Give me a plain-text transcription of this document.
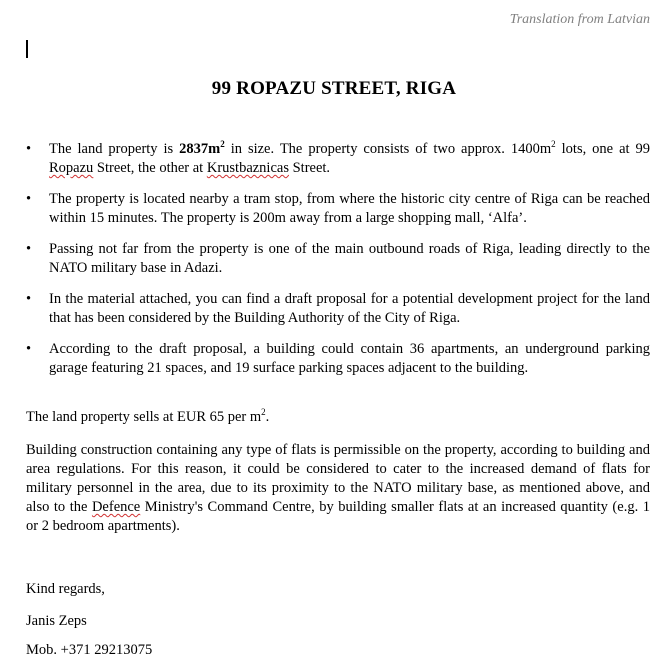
Translation from Latvian
99 ROPAZU STREET, RIGA
• The land property is $2837m^2$ in size. The property consists of two approx. $1400m^2$ lots, one at 99 Ropazu Street, the other at Krustbaznicas Street.
• The property is located nearby a tram stop, from where the historic city centre of Riga can be reached within 15 minutes. The property is 200m away from a large shopping mall, ‘Alfa’.
• Passing not far from the property is one of the main outbound roads of Riga, leading directly to the NATO military base in Adazi.
• In the material attached, you can find a draft proposal for a potential development project for the land that has been considered by the Building Authority of the City of Riga.
• According to the draft proposal, a building could contain 36 apartments, an underground parking garage featuring 21 spaces, and 19 surface parking spaces adjacent to the building.

The land property sells at EUR 65 per $m^2$.

Building construction containing any type of flats is permissible on the property, according to building and area regulations. For this reason, it could be considered to cater to the increased demand of flats for military personnel in the area, due to its proximity to the NATO military base, as mentioned above, and also to the Defence Ministry's Command Centre, by building smaller flats at an increased quantity (e.g. 1 or 2 bedroom apartments).

Kind regards,

Janis Zeps

Mob. +371 29213075
